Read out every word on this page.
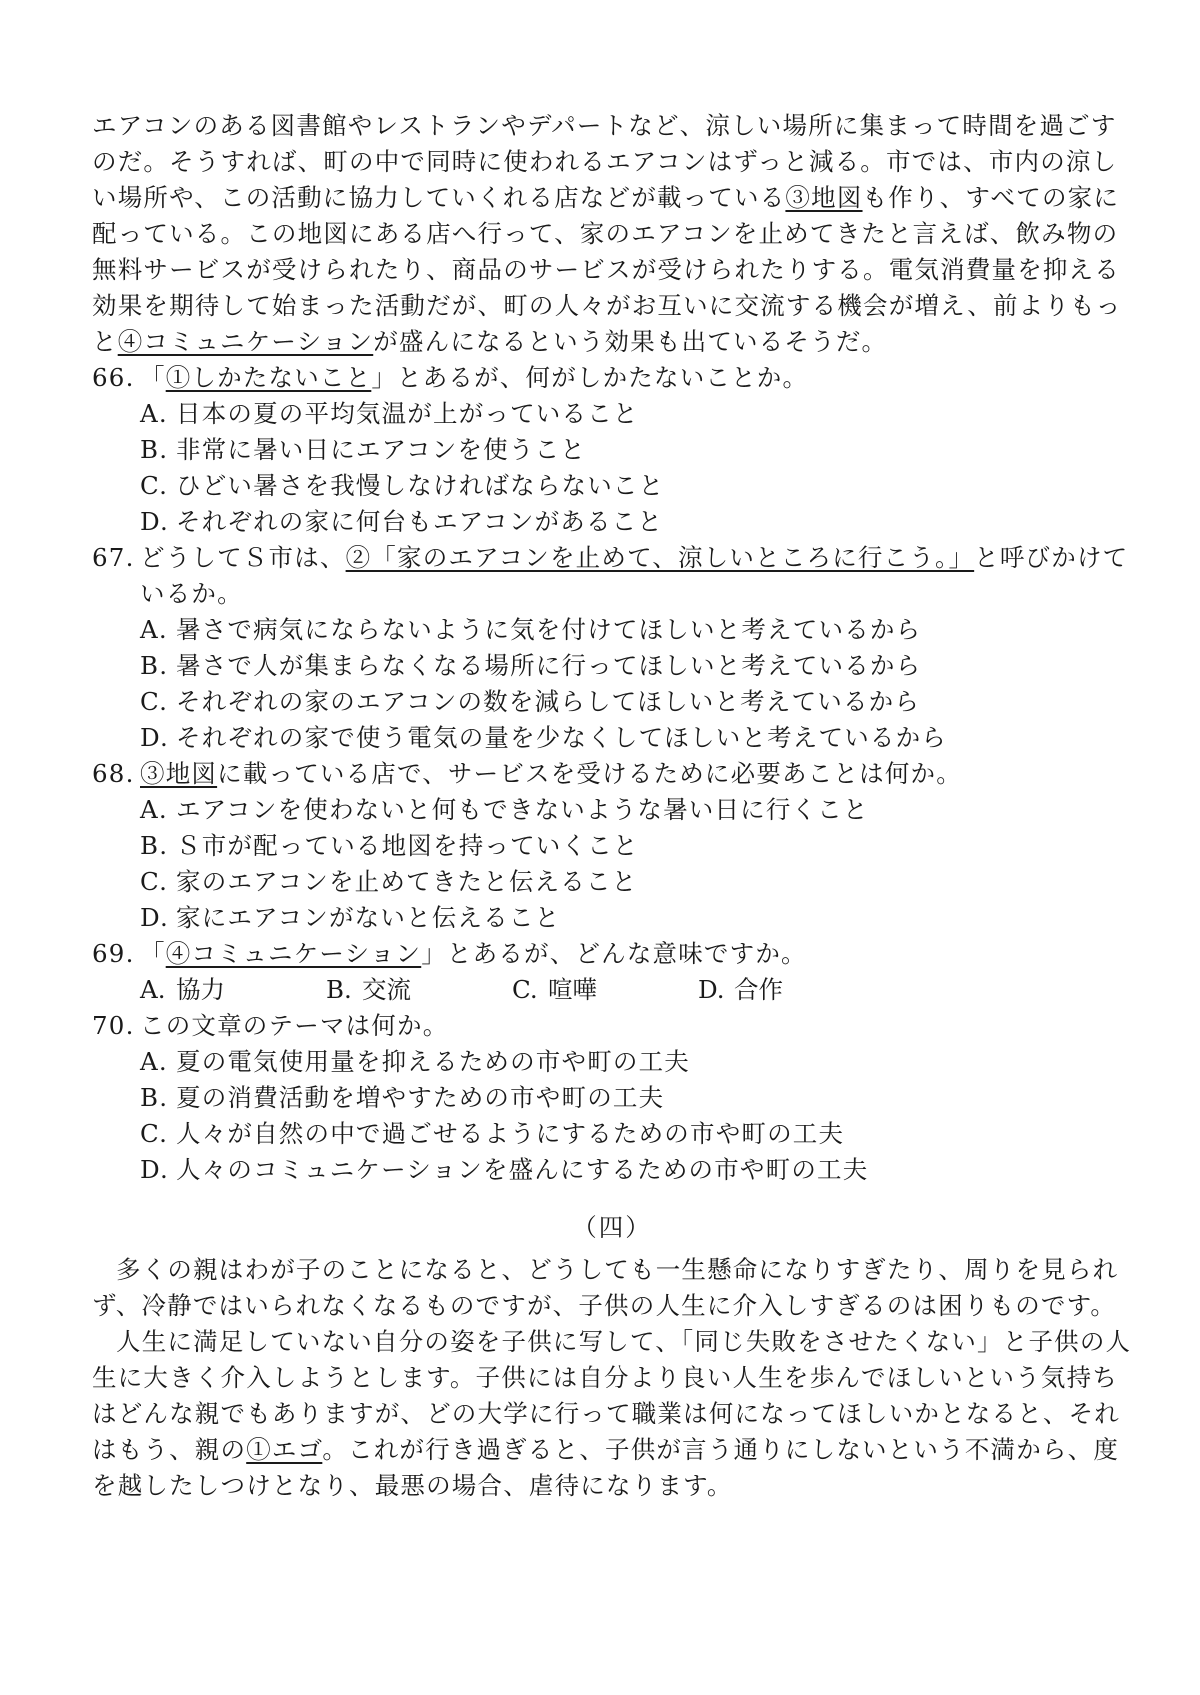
エアコンのある図書館やレストランやデパートなど、涼しい場所に集まって時間を過ごす
のだ。そうすれば、町の中で同時に使われるエアコンはずっと減る。市では、市内の涼し
い場所や、この活動に協力していくれる店などが載っている③地図も作り、すべての家に
配っている。この地図にある店へ行って、家のエアコンを止めてきたと言えば、飲み物の
無料サービスが受けられたり、商品のサービスが受けられたりする。電気消費量を抑える
効果を期待して始まった活動だが、町の人々がお互いに交流する機会が増え、前よりもっ
と④コミュニケーションが盛んになるという効果も出ているそうだ。
66. 「①しかたないこと」とあるが、何がしかたないことか。
A. 日本の夏の平均気温が上がっていること
B. 非常に暑い日にエアコンを使うこと
C. ひどい暑さを我慢しなければならないこと
D. それぞれの家に何台もエアコンがあること
67. どうしてＳ市は、②「家のエアコンを止めて、涼しいところに行こう。」と呼びかけて
いるか。
A. 暑さで病気にならないように気を付けてほしいと考えているから
B. 暑さで人が集まらなくなる場所に行ってほしいと考えているから
C. それぞれの家のエアコンの数を減らしてほしいと考えているから
D. それぞれの家で使う電気の量を少なくしてほしいと考えているから
68. ③地図に載っている店で、サービスを受けるために必要あことは何か。
A. エアコンを使わないと何もできないような暑い日に行くこと
B. Ｓ市が配っている地図を持っていくこと
C. 家のエアコンを止めてきたと伝えること
D. 家にエアコンがないと伝えること
69. 「④コミュニケーション」とあるが、どんな意味ですか。
A. 協力	B. 交流	C. 喧嘩	D. 合作
70. この文章のテーマは何か。
A. 夏の電気使用量を抑えるための市や町の工夫
B. 夏の消費活動を増やすための市や町の工夫
C. 人々が自然の中で過ごせるようにするための市や町の工夫
D. 人々のコミュニケーションを盛んにするための市や町の工夫
（四）
多くの親はわが子のことになると、どうしても一生懸命になりすぎたり、周りを見られ
ず、冷静ではいられなくなるものですが、子供の人生に介入しすぎるのは困りものです。
人生に満足していない自分の姿を子供に写して、「同じ失敗をさせたくない」と子供の人
生に大きく介入しようとします。子供には自分より良い人生を歩んでほしいという気持ち
はどんな親でもありますが、どの大学に行って職業は何になってほしいかとなると、それ
はもう、親の①エゴ。これが行き過ぎると、子供が言う通りにしないという不満から、度
を越したしつけとなり、最悪の場合、虐待になります。
